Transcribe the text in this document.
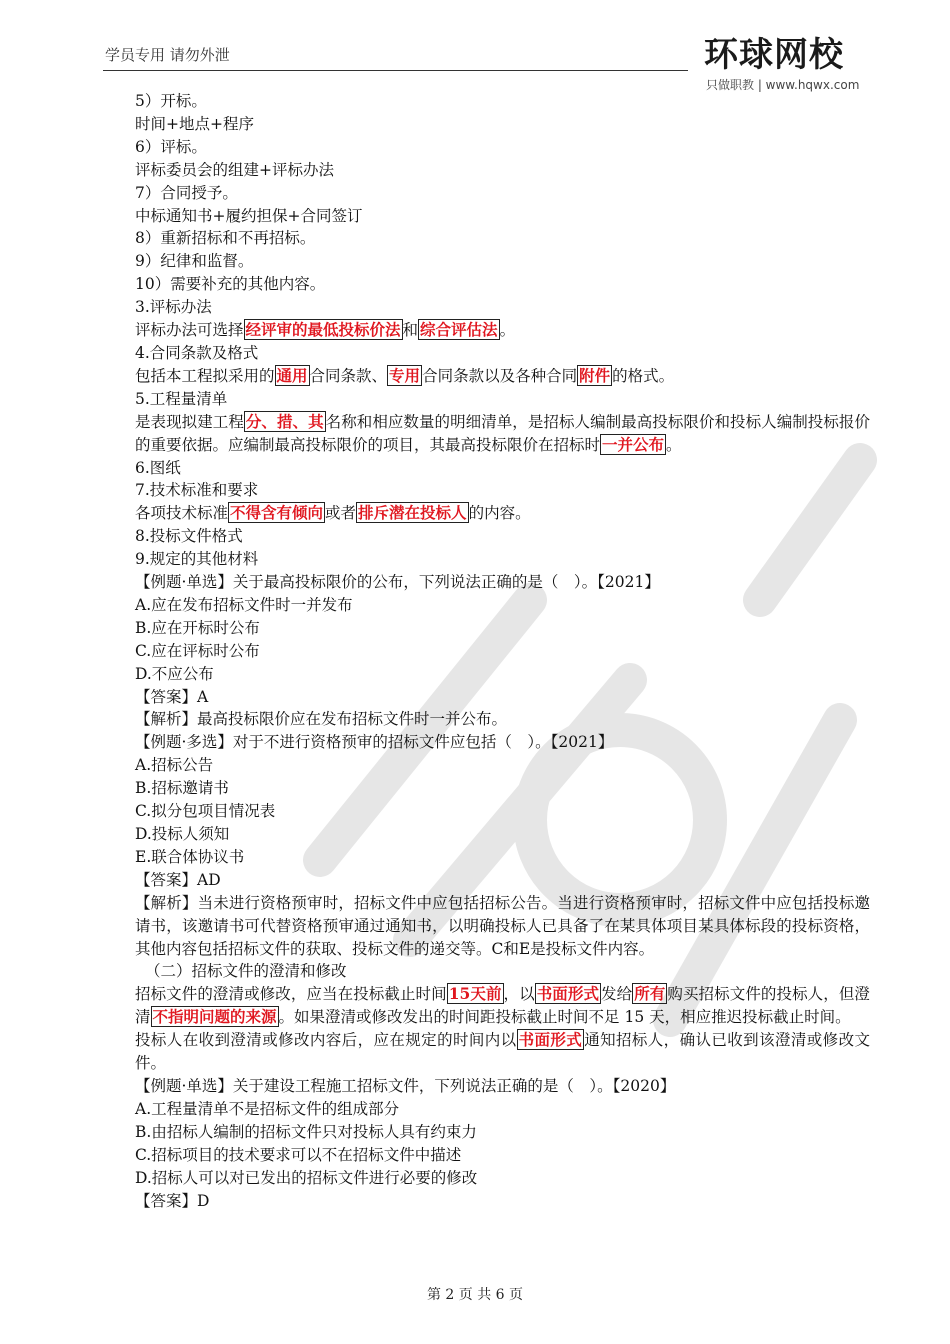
学员专用 请勿外泄	环球网校
只做职教 | www.hqwx.com

5）开标。

时间+地点+程序

6）评标。

评标委员会的组建+评标办法

7）合同授予。

中标通知书+履约担保+合同签订

8）重新招标和不再招标。

9）纪律和监督。

10）需要补充的其他内容。

3.评标办法

评标办法可选择 经评审的最低投标价法 和 综合评估法 。

4.合同条款及格式

包括本工程拟采用的 通用 合同条款、 专用 合同条款以及各种合同 附件 的格式。

5.工程量清单

是表现拟建工程 分、措、其 名称和相应数量的明细清单，是招标人编制最高投标限价和投标人编制投标报价的重要依据。应编制最高投标限价的项目，其最高投标限价在招标时 一并公布 。

6.图纸

7.技术标准和要求

各项技术标准 不得含有倾向 或者 排斥潜在投标人 的内容。

8.投标文件格式

9.规定的其他材料

【例题·单选】关于最高投标限价的公布，下列说法正确的是（　）。【2021】

A.应在发布招标文件时一并发布

B.应在开标时公布

C.应在评标时公布

D.不应公布

【答案】A

【解析】最高投标限价应在发布招标文件时一并公布。

【例题·多选】对于不进行资格预审的招标文件应包括（　）。【2021】

A.招标公告

B.招标邀请书

C.拟分包项目情况表

D.投标人须知

E.联合体协议书

【答案】AD

【解析】当未进行资格预审时，招标文件中应包括招标公告。当进行资格预审时，招标文件中应包括投标邀请书，该邀请书可代替资格预审通过通知书，以明确投标人已具备了在某具体项目某具体标段的投标资格，其他内容包括招标文件的获取、投标文件的递交等。C和E是投标文件内容。

（二）招标文件的澄清和修改

招标文件的澄清或修改，应当在投标截止时间 15天前 ，以 书面形式 发给 所有 购买招标文件的投标人，但澄清 不指明问题的来源 。如果澄清或修改发出的时间距投标截止时间不足 15 天，相应推迟投标截止时间。

投标人在收到澄清或修改内容后，应在规定的时间内以 书面形式 通知招标人，确认已收到该澄清或修改文件。

【例题·单选】关于建设工程施工招标文件，下列说法正确的是（　）。【2020】

A.工程量清单不是招标文件的组成部分

B.由招标人编制的招标文件只对投标人具有约束力

C.招标项目的技术要求可以不在招标文件中描述

D.招标人可以对已发出的招标文件进行必要的修改

【答案】D

第 2 页 共 6 页
